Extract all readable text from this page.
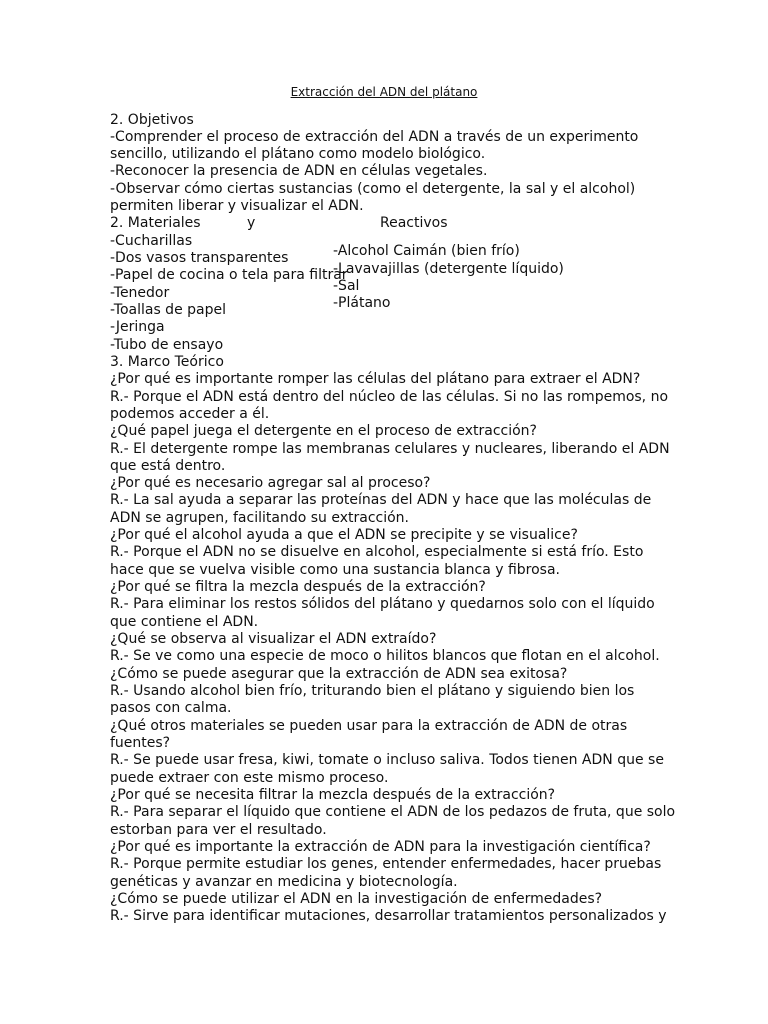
Extracción del ADN del plátano
2. Objetivos
-Comprender el proceso de extracción del ADN a través de un experimento
sencillo, utilizando el plátano como modelo biológico.
-Reconocer la presencia de ADN en células vegetales.
-Observar cómo ciertas sustancias (como el detergente, la sal y el alcohol)
permiten liberar y visualizar el ADN.
2. Materiales	y	Reactivos
-Cucharillas
-Dos vasos transparentes
-Papel de cocina o tela para filtrar
-Tenedor
-Toallas de papel
-Jeringa
-Tubo de ensayo
-Alcohol Caimán (bien frío)
-Lavavajillas (detergente líquido)
-Sal
-Plátano
3. Marco Teórico
¿Por qué es importante romper las células del plátano para extraer el ADN?
R.- Porque el ADN está dentro del núcleo de las células. Si no las rompemos, no
podemos acceder a él.
¿Qué papel juega el detergente en el proceso de extracción?
R.- El detergente rompe las membranas celulares y nucleares, liberando el ADN
que está dentro.
¿Por qué es necesario agregar sal al proceso?
R.- La sal ayuda a separar las proteínas del ADN y hace que las moléculas de
ADN se agrupen, facilitando su extracción.
¿Por qué el alcohol ayuda a que el ADN se precipite y se visualice?
R.- Porque el ADN no se disuelve en alcohol, especialmente si está frío. Esto
hace que se vuelva visible como una sustancia blanca y fibrosa.
¿Por qué se filtra la mezcla después de la extracción?
R.- Para eliminar los restos sólidos del plátano y quedarnos solo con el líquido
que contiene el ADN.
¿Qué se observa al visualizar el ADN extraído?
R.- Se ve como una especie de moco o hilitos blancos que flotan en el alcohol.
¿Cómo se puede asegurar que la extracción de ADN sea exitosa?
R.- Usando alcohol bien frío, triturando bien el plátano y siguiendo bien los
pasos con calma.
¿Qué otros materiales se pueden usar para la extracción de ADN de otras
fuentes?
R.- Se puede usar fresa, kiwi, tomate o incluso saliva. Todos tienen ADN que se
puede extraer con este mismo proceso.
¿Por qué se necesita filtrar la mezcla después de la extracción?
R.- Para separar el líquido que contiene el ADN de los pedazos de fruta, que solo
estorban para ver el resultado.
¿Por qué es importante la extracción de ADN para la investigación científica?
R.- Porque permite estudiar los genes, entender enfermedades, hacer pruebas
genéticas y avanzar en medicina y biotecnología.
¿Cómo se puede utilizar el ADN en la investigación de enfermedades?
R.- Sirve para identificar mutaciones, desarrollar tratamientos personalizados y
